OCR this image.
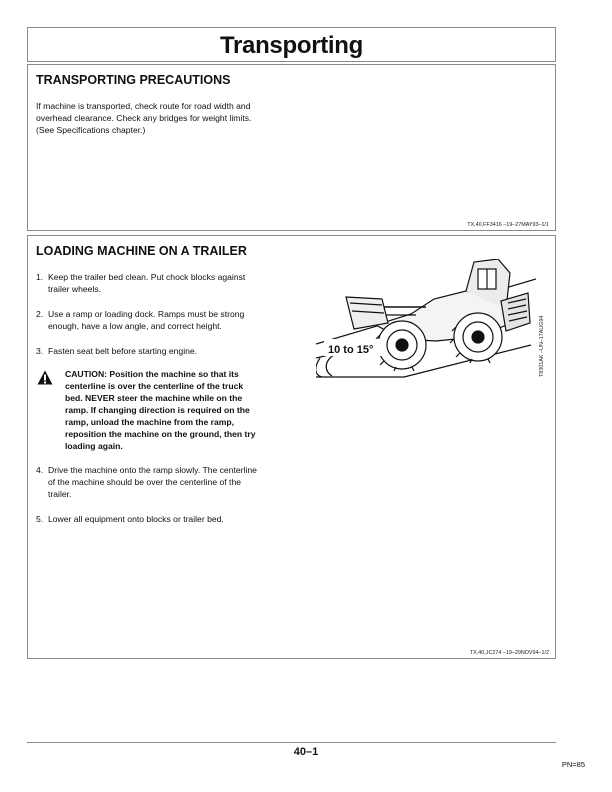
Transporting
TRANSPORTING PRECAUTIONS

If machine is transported, check route for road width and
overhead clearance. Check any bridges for weight limits.
(See Specifications chapter.)

TX,40,FF3416 –19–27MAY93–1/1
LOADING MACHINE ON A TRAILER
1. Keep the trailer bed clean. Put chock blocks against
trailer wheels.
2. Use a ramp or loading dock. Ramps must be strong
enough, have a low angle, and correct height.
3. Fasten seat belt before starting engine.
CAUTION: Position the machine so that its
centerline is over the centerline of the truck
bed. NEVER steer the machine while on the
ramp. If changing direction is required on the
ramp, unload the machine from the ramp,
reposition the machine on the ground, then try
loading again.
4. Drive the machine onto the ramp slowly. The centerline
of the machine should be over the centerline of the
trailer.
5. Lower all equipment onto blocks or trailer bed.
10 to 15°	T8301AK –UN–17AUG94
TX,40,JC274 –19–29NOV94–1/2
40–1
PN=85
